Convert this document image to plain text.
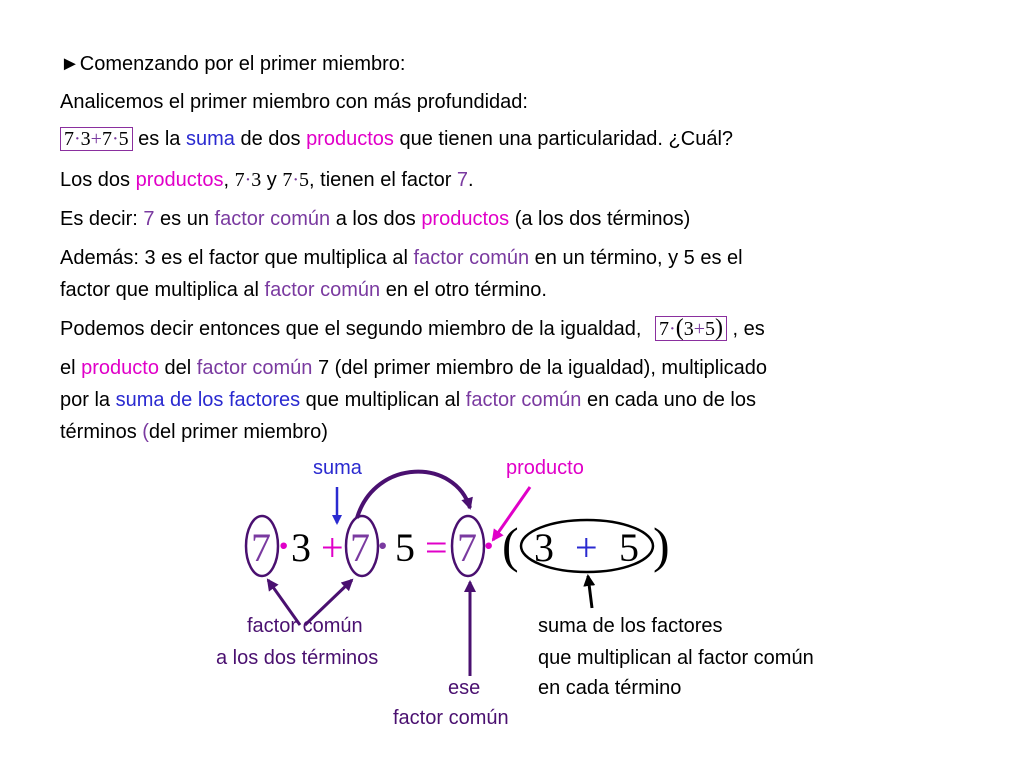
►Comenzando por el primer miembro:
Analicemos el primer miembro con más profundidad:
7·3+7·5 es la suma de dos productos que tienen una particularidad. ¿Cuál?
Los dos productos, 7·3 y 7·5, tienen el factor 7.
Es decir: 7 es un factor común a los dos productos (a los dos términos)
Además: 3 es el factor que multiplica al factor común en un término, y 5 es el
factor que multiplica al factor común en el otro término.
Podemos decir entonces que el segundo miembro de la igualdad, 7·(3+5) , es
el producto del factor común 7 (del primer miembro de la igualdad), multiplicado
por la suma de los factores que multiplican al factor común en cada uno de los
términos (del primer miembro)
suma	producto
factor común
a los dos términos
ese
factor común
suma de los factores
que multiplican al factor común
en cada término
7 · 3 + 7 · 5 = 7 · ( 3 + 5 )
